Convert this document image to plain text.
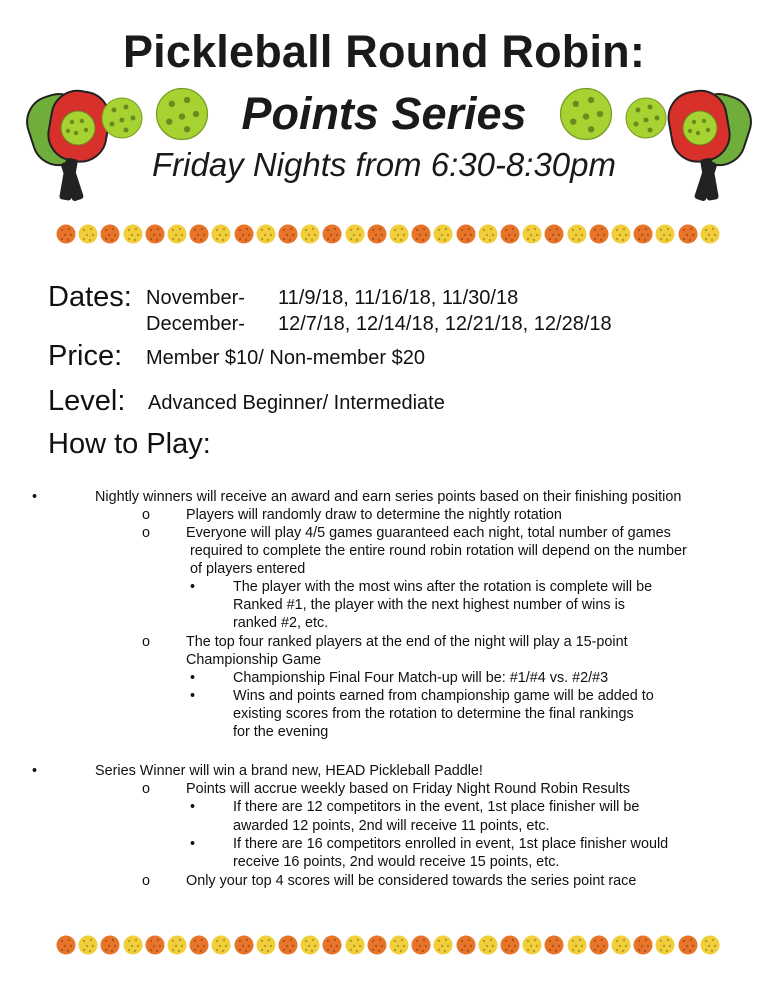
Pickleball Round Robin:
Points Series
Friday Nights from 6:30-8:30pm
Dates: November- 11/9/18, 11/16/18, 11/30/18
December- 12/7/18, 12/14/18, 12/21/18, 12/28/18
Price: Member $10/ Non-member $20
Level: Advanced Beginner/ Intermediate
How to Play:
•
o
o
•
o
•
•
•
o
•
•
o
Nightly winners will receive an award and earn series points based on their finishing position
Players will randomly draw to determine the nightly rotation
Everyone will play 4/5 games guaranteed each night, total number of games
required to complete the entire round robin rotation will depend on the number
of players entered
The player with the most wins after the rotation is complete will be
Ranked #1, the player with the next highest number of wins is
ranked #2, etc.
The top four ranked players at the end of the night will play a 15-point
Championship Game
Championship Final Four Match-up will be: #1/#4 vs. #2/#3
Wins and points earned from championship game will be added to
existing scores from the rotation to determine the final rankings
for the evening
Series Winner will win a brand new, HEAD Pickleball Paddle!
Points will accrue weekly based on Friday Night Round Robin Results
If there are 12 competitors in the event, 1st place finisher will be
awarded 12 points, 2nd will receive 11 points, etc.
If there are 16 competitors enrolled in event, 1st place finisher would
receive 16 points, 2nd would receive 15 points, etc.
Only your top 4 scores will be considered towards the series point race
